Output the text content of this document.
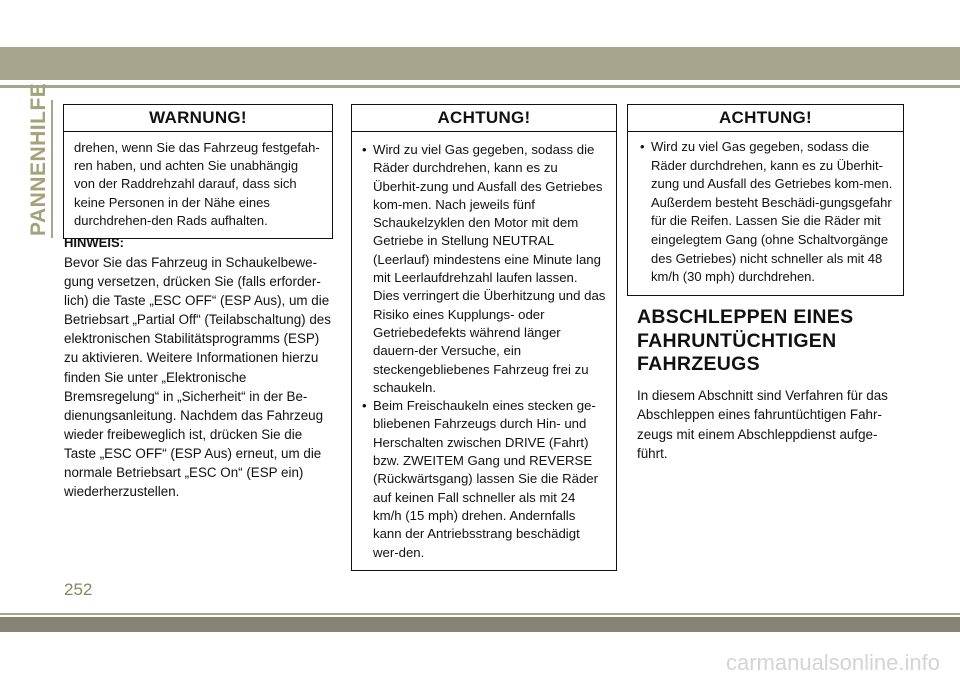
PANNENHILFE	WARNUNG!

drehen, wenn Sie das Fahrzeug festgefah-ren haben, und achten Sie unabhängig von der Raddrehzahl darauf, dass sich keine Personen in der Nähe eines durchdrehen-den Rads aufhalten.

HINWEIS:
Bevor Sie das Fahrzeug in Schaukelbewe-gung versetzen, drücken Sie (falls erforder-lich) die Taste „ESC OFF“ (ESP Aus), um die Betriebsart „Partial Off“ (Teilabschaltung) des elektronischen Stabilitätsprogramms (ESP) zu aktivieren. Weitere Informationen hierzu finden Sie unter „Elektronische Bremsregelung“ in „Sicherheit“ in der Be-dienungsanleitung. Nachdem das Fahrzeug wieder freibeweglich ist, drücken Sie die Taste „ESC OFF“ (ESP Aus) erneut, um die normale Betriebsart „ESC On“ (ESP ein) wiederherzustellen.
ACHTUNG!
• Wird zu viel Gas gegeben, sodass die Räder durchdrehen, kann es zu Überhit-zung und Ausfall des Getriebes kom-men. Nach jeweils fünf Schaukelzyklen den Motor mit dem Getriebe in Stellung NEUTRAL (Leerlauf) mindestens eine Minute lang mit Leerlaufdrehzahl laufen lassen. Dies verringert die Überhitzung und das Risiko eines Kupplungs- oder Getriebedefekts während länger dauern-der Versuche, ein steckengebliebenes Fahrzeug frei zu schaukeln.
• Beim Freischaukeln eines stecken ge-bliebenen Fahrzeugs durch Hin- und Herschalten zwischen DRIVE (Fahrt) bzw. ZWEITEM Gang und REVERSE (Rückwärtsgang) lassen Sie die Räder auf keinen Fall schneller als mit 24 km/h (15 mph) drehen. Andernfalls kann der Antriebsstrang beschädigt wer-den.
ACHTUNG!
• Wird zu viel Gas gegeben, sodass die Räder durchdrehen, kann es zu Überhit-zung und Ausfall des Getriebes kom-men. Außerdem besteht Beschädi-gungsgefahr für die Reifen. Lassen Sie die Räder mit eingelegtem Gang (ohne Schaltvorgänge des Getriebes) nicht schneller als mit 48 km/h (30 mph) durchdrehen.
ABSCHLEPPEN EINES
FAHRUNTÜCHTIGEN
FAHRZEUGS
In diesem Abschnitt sind Verfahren für das Abschleppen eines fahruntüchtigen Fahr-zeugs mit einem Abschleppdienst aufge-führt.
252
carmanualsonline.info
